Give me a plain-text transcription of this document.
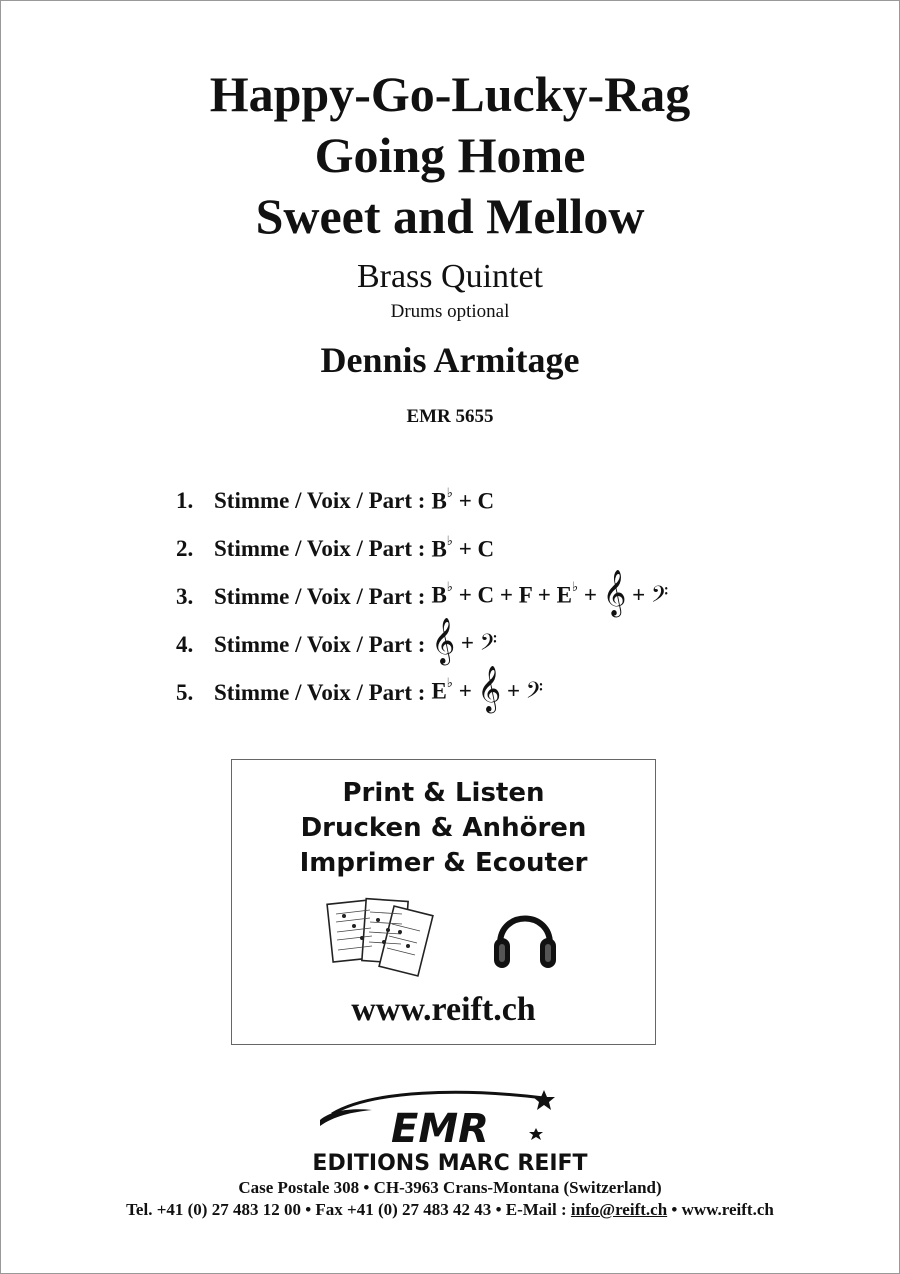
Happy-Go-Lucky-Rag
Going Home
Sweet and Mellow
Brass Quintet
Drums optional
Dennis Armitage
EMR 5655
1. Stimme / Voix / Part : B♭ + C
2. Stimme / Voix / Part : B♭ + C
3. Stimme / Voix / Part : B♭ + C + F + E♭ + 𝄞 + 𝄢
4. Stimme / Voix / Part : 𝄞 + 𝄢
5. Stimme / Voix / Part : E♭ + 𝄞 + 𝄢
Print & Listen
Drucken & Anhören
Imprimer & Ecouter
www.reift.ch
EMR
EDITIONS MARC REIFT
Case Postale 308 • CH-3963 Crans-Montana (Switzerland)
Tel. +41 (0) 27 483 12 00 • Fax +41 (0) 27 483 42 43 • E-Mail : info@reift.ch • www.reift.ch
